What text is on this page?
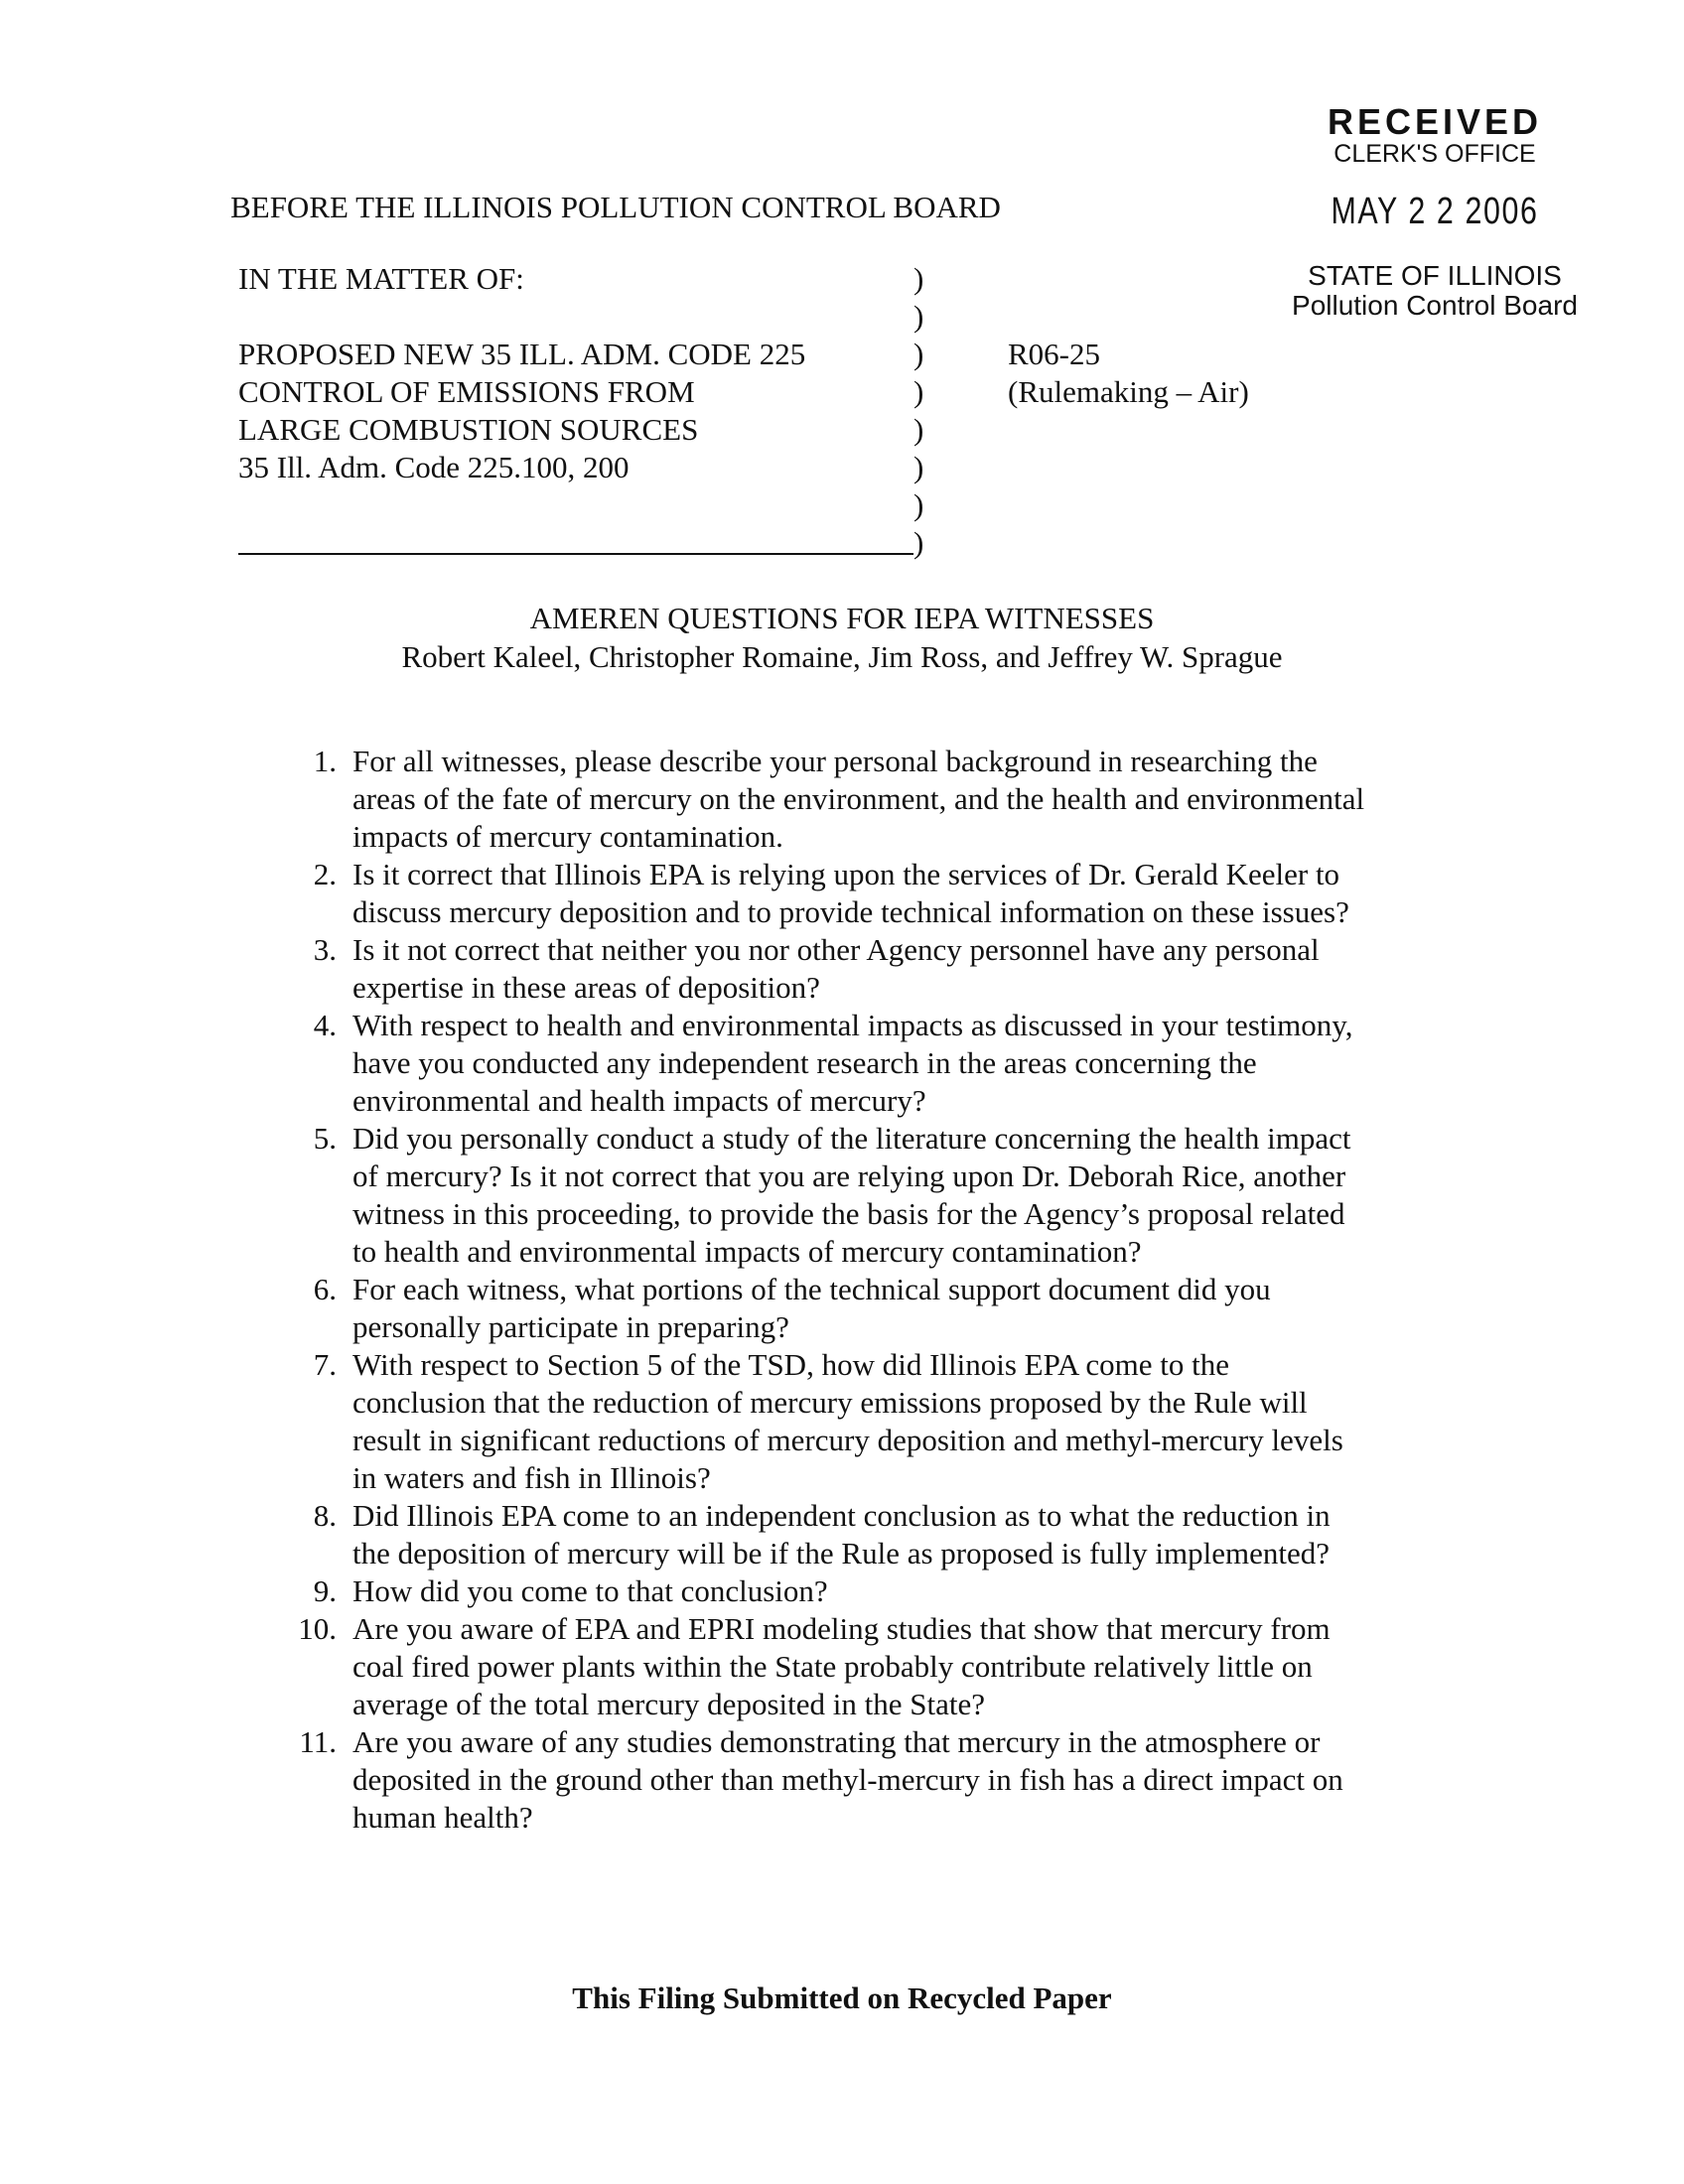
RECEIVED
CLERK'S OFFICE
MAY 2 2 2006
STATE OF ILLINOIS
Pollution Control Board
BEFORE THE ILLINOIS POLLUTION CONTROL BOARD
IN THE MATTER OF:
PROPOSED NEW 35 ILL. ADM. CODE 225
CONTROL OF EMISSIONS FROM
LARGE COMBUSTION SOURCES
35 Ill. Adm. Code 225.100, 200
)
)
)
)
)
)
)
)
R06-25
(Rulemaking – Air)
AMEREN QUESTIONS FOR IEPA WITNESSES
Robert Kaleel, Christopher Romaine, Jim Ross, and Jeffrey W. Sprague
1. For all witnesses, please describe your personal background in researching the
areas of the fate of mercury on the environment, and the health and environmental
impacts of mercury contamination.
2. Is it correct that Illinois EPA is relying upon the services of Dr. Gerald Keeler to
discuss mercury deposition and to provide technical information on these issues?
3. Is it not correct that neither you nor other Agency personnel have any personal
expertise in these areas of deposition?
4. With respect to health and environmental impacts as discussed in your testimony,
have you conducted any independent research in the areas concerning the
environmental and health impacts of mercury?
5. Did you personally conduct a study of the literature concerning the health impact
of mercury? Is it not correct that you are relying upon Dr. Deborah Rice, another
witness in this proceeding, to provide the basis for the Agency’s proposal related
to health and environmental impacts of mercury contamination?
6. For each witness, what portions of the technical support document did you
personally participate in preparing?
7. With respect to Section 5 of the TSD, how did Illinois EPA come to the
conclusion that the reduction of mercury emissions proposed by the Rule will
result in significant reductions of mercury deposition and methyl-mercury levels
in waters and fish in Illinois?
8. Did Illinois EPA come to an independent conclusion as to what the reduction in
the deposition of mercury will be if the Rule as proposed is fully implemented?
9. How did you come to that conclusion?
10. Are you aware of EPA and EPRI modeling studies that show that mercury from
coal fired power plants within the State probably contribute relatively little on
average of the total mercury deposited in the State?
11. Are you aware of any studies demonstrating that mercury in the atmosphere or
deposited in the ground other than methyl-mercury in fish has a direct impact on
human health?
This Filing Submitted on Recycled Paper
